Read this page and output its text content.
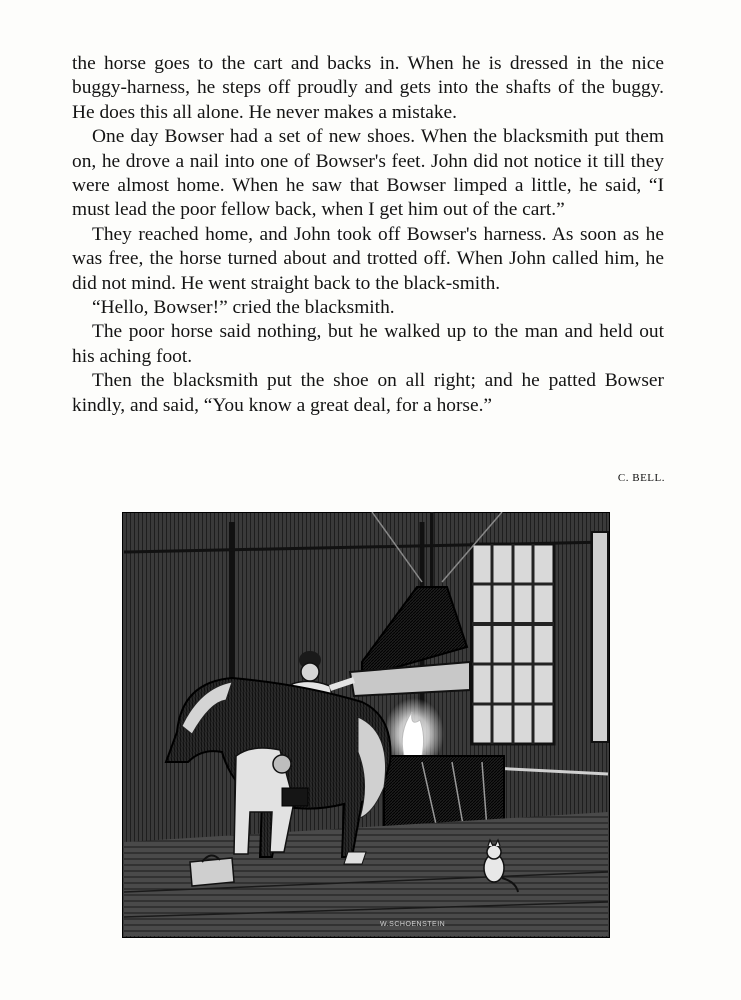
the horse goes to the cart and backs in. When he is dressed in the nice buggy-harness, he steps off proudly and gets into the shafts of the buggy. He does this all alone. He never makes a mistake.

One day Bowser had a set of new shoes. When the blacksmith put them on, he drove a nail into one of Bowser's feet. John did not notice it till they were almost home. When he saw that Bowser limped a little, he said, “I must lead the poor fellow back, when I get him out of the cart.”

They reached home, and John took off Bowser's harness. As soon as he was free, the horse turned about and trotted off. When John called him, he did not mind. He went straight back to the black-smith.

“Hello, Bowser!” cried the blacksmith.

The poor horse said nothing, but he walked up to the man and held out his aching foot.

Then the blacksmith put the shoe on all right; and he patted Bowser kindly, and said, “You know a great deal, for a horse.”

C. BELL.
W.SCHOENSTEIN
